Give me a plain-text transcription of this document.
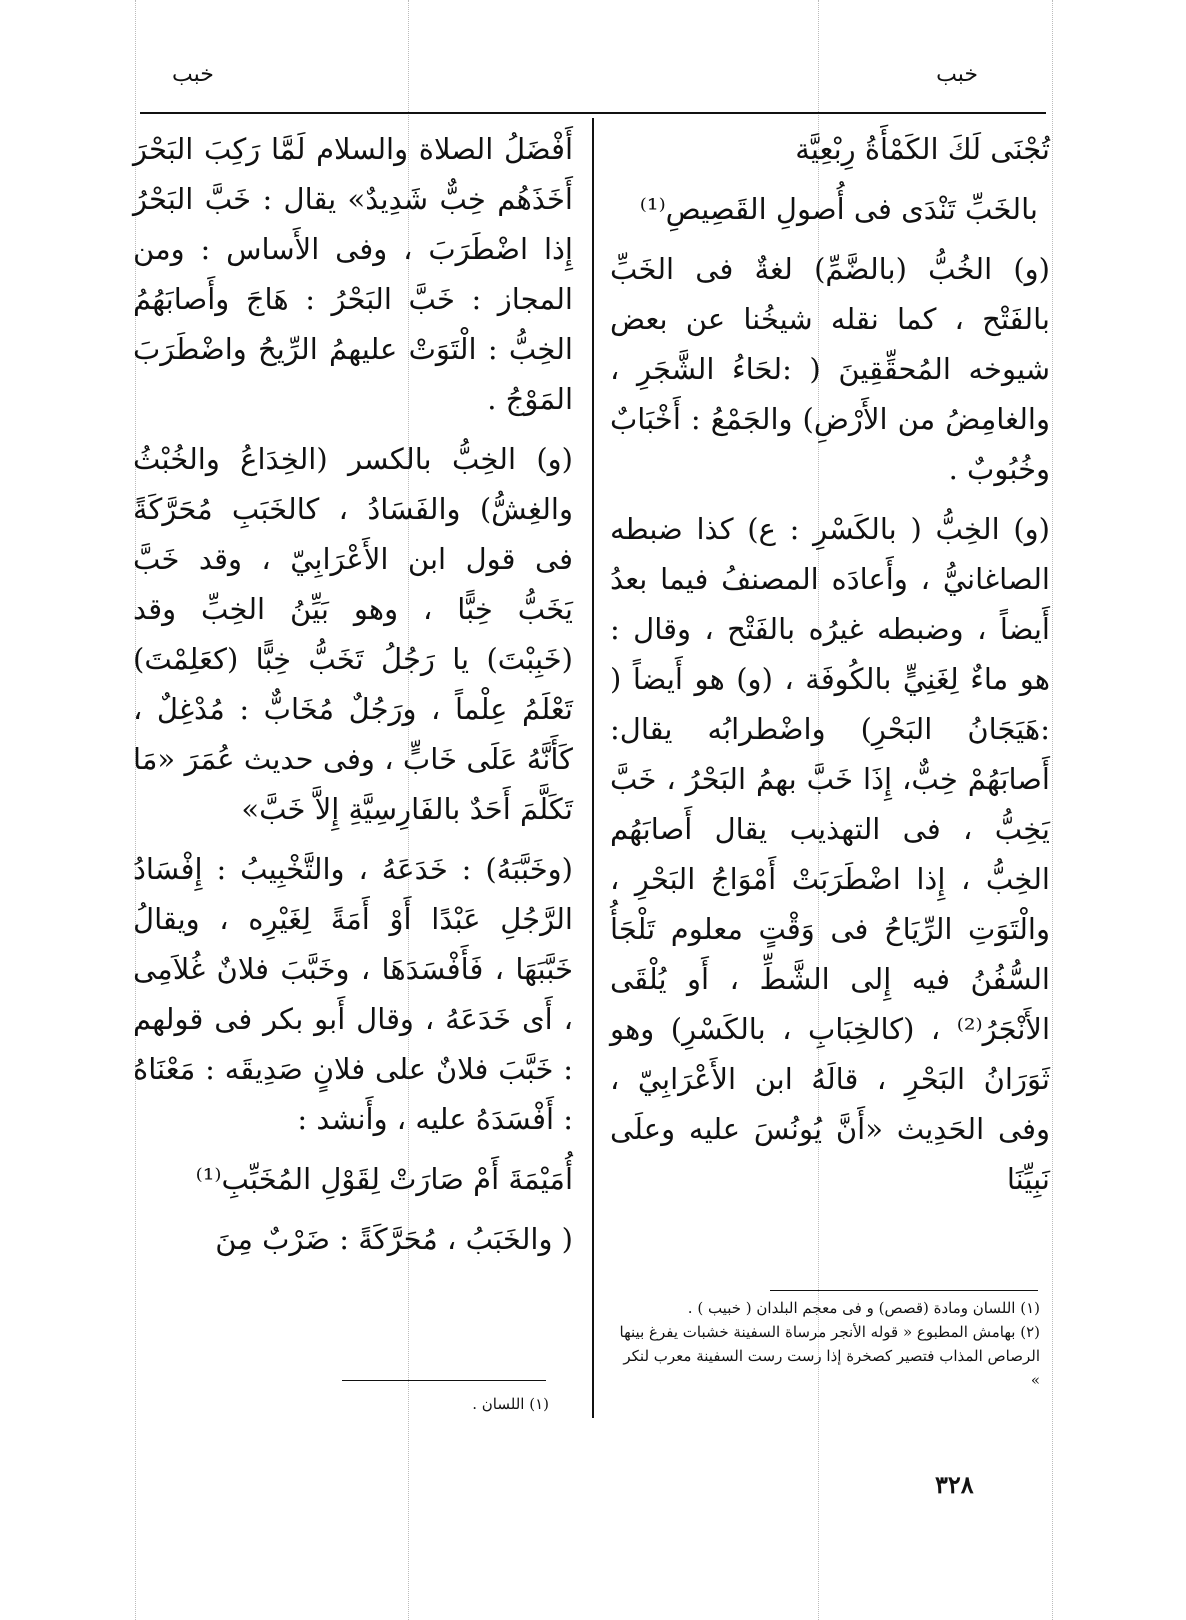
خبب
خبب

تُجْنَى لَكَ الكَمْأَةُ رِبْعِيَّة

بالخَبِّ تَنْدَى فى أُصولِ القَصِيصِ⁽¹⁾

(و) الخُبُّ (بالضَّمِّ) لغةٌ فى الخَبِّ بالفَتْح ، كما نقله شيخُنا عن بعض شيوخه المُحقِّقِينَ ( :لحَاءُ الشَّجَرِ ، والغامِضُ من الأَرْضِ) والجَمْعُ : أَخْبَابٌ وخُبُوبٌ .

(و) الخِبُّ ( بالكَسْرِ : ع) كذا ضبطه الصاغانيُّ ، وأَعادَه المصنفُ فيما بعدُ أَيضاً ، وضبطه غيرُه بالفَتْح ، وقال : هو ماءٌ لِغَنِيٍّ بالكُوفَة ، (و) هو أَيضاً ( :هَيَجَانُ البَحْرِ) واضْطرابُه يقال: أَصابَهُمْ خِبٌّ، إِذَا خَبَّ بهمُ البَحْرُ ، خَبَّ يَخِبُّ ، فى التهذيب يقال أَصابَهُم الخِبُّ ، إِذا اضْطَرَبَتْ أَمْوَاجُ البَحْرِ ، والْتَوَتِ الرِّيَاحُ فى وَقْتٍ معلوم تَلْجَأُ السُّفُنُ فيه إِلى الشَّطِّ ، أَو يُلْقَى الأَنْجَرُ⁽²⁾ ، (كالخِبَابِ ، بالكَسْرِ) وهو ثَوَرَانُ البَحْرِ ، قالَهُ ابن الأَعْرَابِيّ ، وفى الحَدِيث «أَنَّ يُونُسَ عليه وعلَى نَبِيِّنَا

أَفْضَلُ الصلاة والسلام لَمَّا رَكِبَ البَحْرَ أَخَذَهُم خِبٌّ شَدِيدٌ» يقال : خَبَّ البَحْرُ إِذا اضْطَرَبَ ، وفى الأَساس : ومن المجاز : خَبَّ البَحْرُ : هَاجَ وأَصابَهُمُ الخِبُّ : الْتَوَتْ عليهمُ الرِّيحُ واضْطَرَبَ المَوْجُ .

(و) الخِبُّ بالكسر (الخِدَاعُ والخُبْثُ والغِشُّ) والفَسَادُ ، كالخَبَبِ مُحَرَّكَةً فى قول ابن الأَعْرَابِيّ ، وقد خَبَّ يَخَبُّ خِبًّا ، وهو بَيِّنُ الخِبِّ وقد (خَبِبْتَ) يا رَجُلُ تَخَبُّ خِبًّا (كعَلِمْتَ) تَعْلَمُ عِلْماً ، ورَجُلٌ مُخَابٌّ : مُدْغِلٌ ، كَأَنَّهُ عَلَى خَابٍّ ، وفى حديث عُمَرَ «مَا تَكَلَّمَ أَحَدٌ بالفَارِسِيَّةِ إِلاَّ خَبَّ»

(وخَبَّبَهُ) : خَدَعَهُ ، والتَّخْبِيبُ : إِفْسَادُ الرَّجُلِ عَبْدًا أَوْ أَمَةً لِغَيْرِه ، ويقالُ خَبَّبَهَا ، فَأَفْسَدَهَا ، وخَبَّبَ فلانٌ غُلاَمِى ، أَى خَدَعَهُ ، وقال أَبو بكر فى قولهم : خَبَّبَ فلانٌ على فلانٍ صَدِيقَه : مَعْنَاهُ : أَفْسَدَهُ عليه ، وأَنشد :

أُمَيْمَةَ أَمْ صَارَتْ لِقَوْلِ المُخَبِّبِ⁽¹⁾

( والخَبَبُ ، مُحَرَّكَةً : ضَرْبٌ مِنَ

(١) اللسان ومادة (قصص) و فى معجم البلدان ( خبيب ) .
(٢) بهامش المطبوع « قوله الأنجر مرساة السفينة خشبات يفرغ بينها الرصاص المذاب فتصير كصخرة إذا رست رست السفينة معرب لنكر »
(١) اللسان .
٣٢٨
